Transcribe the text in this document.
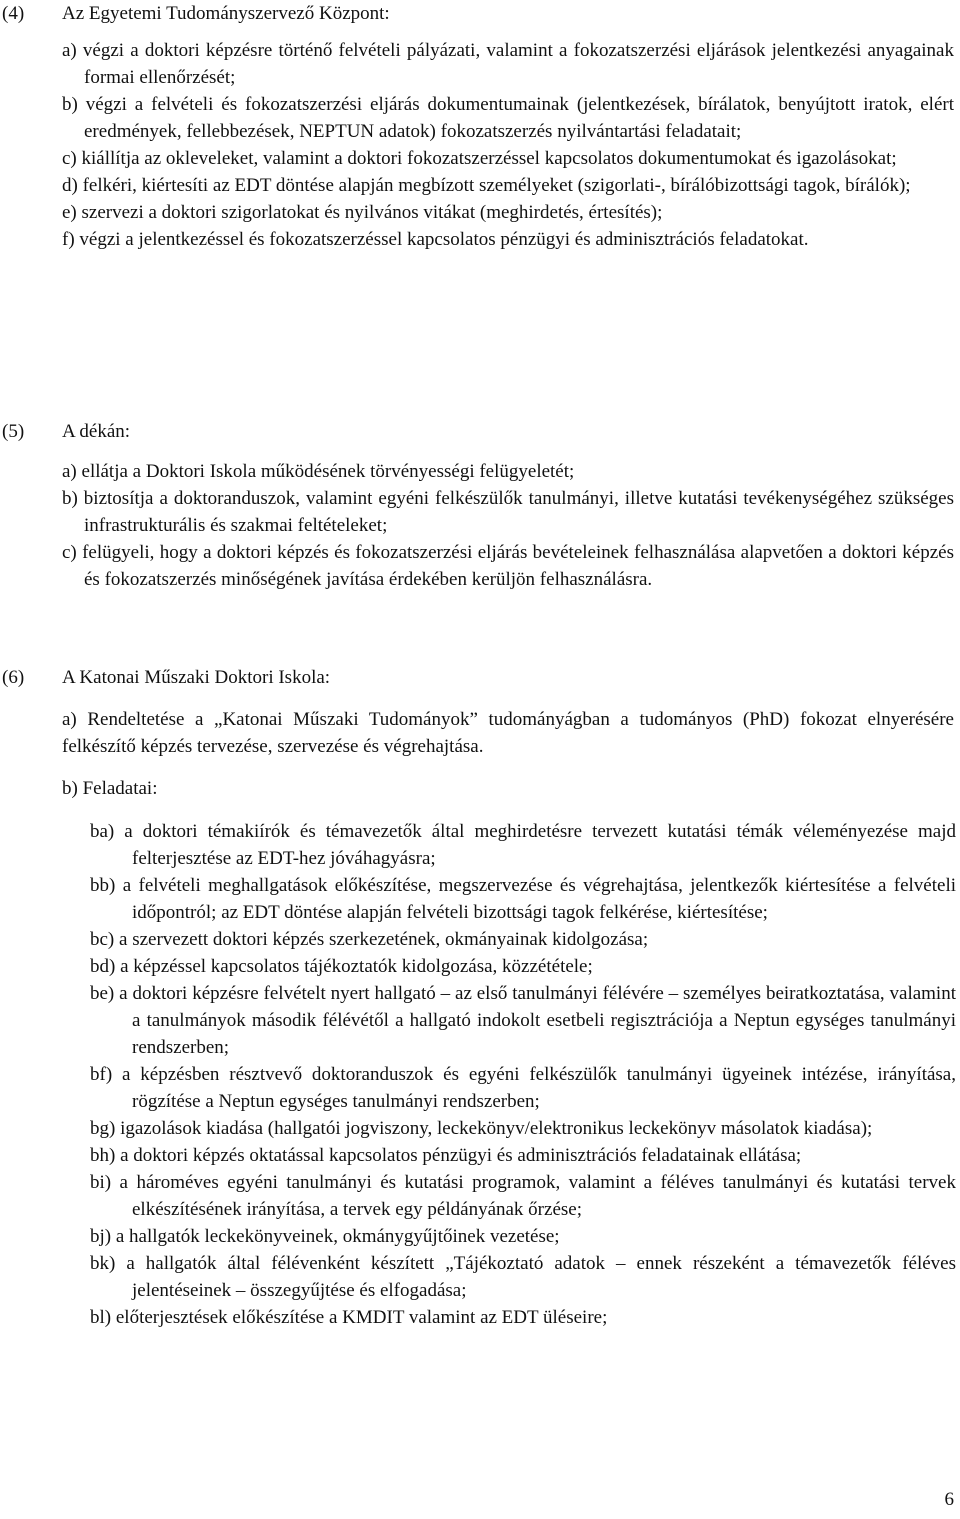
(4) Az Egyetemi Tudományszervező Központ:

a) végzi a doktori képzésre történő felvételi pályázati, valamint a fokozatszerzési eljárások jelentkezési anyagainak formai ellenőrzését;

b) végzi a felvételi és fokozatszerzési eljárás dokumentumainak (jelentkezések, bírálatok, benyújtott iratok, elért eredmények, fellebbezések, NEPTUN adatok) fokozatszerzés nyilvántartási feladatait;

c) kiállítja az okleveleket, valamint a doktori fokozatszerzéssel kapcsolatos dokumentumokat és igazolásokat;

d) felkéri, kiértesíti az EDT döntése alapján megbízott személyeket (szigorlati-, bírálóbizottsági tagok, bírálók);

e) szervezi a doktori szigorlatokat és nyilvános vitákat (meghirdetés, értesítés);

f) végzi a jelentkezéssel és fokozatszerzéssel kapcsolatos pénzügyi és adminisztrációs feladatokat.

(5) A dékán:

a) ellátja a Doktori Iskola működésének törvényességi felügyeletét;

b) biztosítja a doktoranduszok, valamint egyéni felkészülők tanulmányi, illetve kutatási tevékenységéhez szükséges infrastrukturális és szakmai feltételeket;

c) felügyeli, hogy a doktori képzés és fokozatszerzési eljárás bevételeinek felhasználása alapvetően a doktori képzés és fokozatszerzés minőségének javítása érdekében kerüljön felhasználásra.

(6) A Katonai Műszaki Doktori Iskola:

a) Rendeltetése a „Katonai Műszaki Tudományok” tudományágban a tudományos (PhD) fokozat elnyerésére felkészítő képzés tervezése, szervezése és végrehajtása.

b) Feladatai:

ba) a doktori témakiírók és témavezetők által meghirdetésre tervezett kutatási témák véleményezése majd felterjesztése az EDT-hez jóváhagyásra;

bb) a felvételi meghallgatások előkészítése, megszervezése és végrehajtása, jelentkezők kiértesítése a felvételi időpontról; az EDT döntése alapján felvételi bizottsági tagok felkérése, kiértesítése;

bc) a szervezett doktori képzés szerkezetének, okmányainak kidolgozása;

bd) a képzéssel kapcsolatos tájékoztatók kidolgozása, közzététele;

be) a doktori képzésre felvételt nyert hallgató – az első tanulmányi félévére – személyes beiratkoztatása, valamint a tanulmányok második félévétől a hallgató indokolt esetbeli regisztrációja a Neptun egységes tanulmányi rendszerben;

bf) a képzésben résztvevő doktoranduszok és egyéni felkészülők tanulmányi ügyeinek intézése, irányítása, rögzítése a Neptun egységes tanulmányi rendszerben;

bg) igazolások kiadása (hallgatói jogviszony, leckekönyv/elektronikus leckekönyv másolatok kiadása);

bh) a doktori képzés oktatással kapcsolatos pénzügyi és adminisztrációs feladatainak ellátása;

bi) a hároméves egyéni tanulmányi és kutatási programok, valamint a féléves tanulmányi és kutatási tervek elkészítésének irányítása, a tervek egy példányának őrzése;

bj) a hallgatók leckekönyveinek, okmánygyűjtőinek vezetése;

bk) a hallgatók által félévenként készített „Tájékoztató adatok – ennek részeként a témavezetők féléves jelentéseinek – összegyűjtése és elfogadása;

bl) előterjesztések előkészítése a KMDIT valamint az EDT üléseire;

6
